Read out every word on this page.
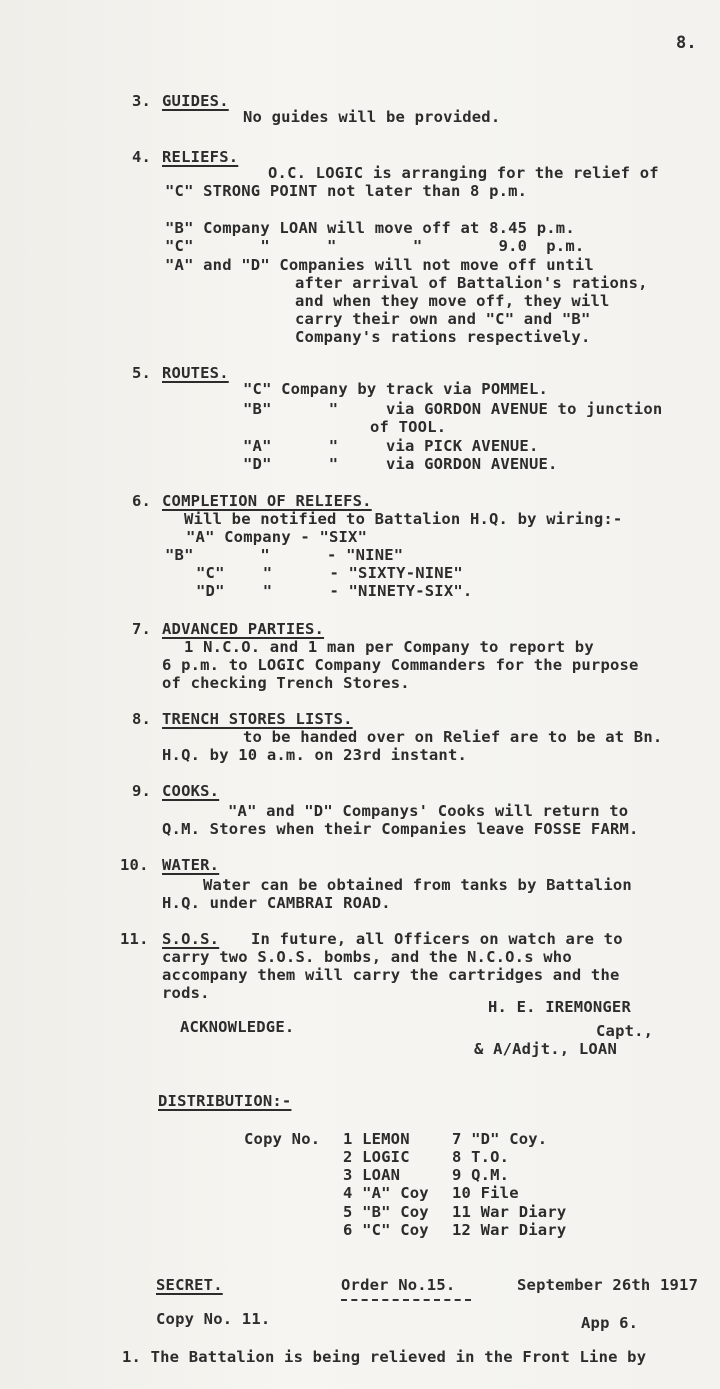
8.
3. GUIDES.
No guides will be provided.
4. RELIEFS.
O.C. LOGIC is arranging for the relief of
"C" STRONG POINT not later than 8 p.m.
"B" Company LOAN will move off at 8.45 p.m.
"C"       "      "        "        9.0  p.m.
"A" and "D" Companies will not move off until
after arrival of Battalion's rations,
and when they move off, they will
carry their own and "C" and "B"
Company's rations respectively.
5. ROUTES.
"C" Company by track via POMMEL.
"B"      "     via GORDON AVENUE to junction
of TOOL.
"A"      "     via PICK AVENUE.
"D"      "     via GORDON AVENUE.
6. COMPLETION OF RELIEFS.
Will be notified to Battalion H.Q. by wiring:-
"A" Company - "SIX"
"B"       "      - "NINE"
"C"    "      - "SIXTY-NINE"
"D"    "      - "NINETY-SIX".
7. ADVANCED PARTIES.
1 N.C.O. and 1 man per Company to report by
6 p.m. to LOGIC Company Commanders for the purpose
of checking Trench Stores.
8. TRENCH STORES LISTS.
to be handed over on Relief are to be at Bn.
H.Q. by 10 a.m. on 23rd instant.
9. COOKS.
"A" and "D" Companys' Cooks will return to
Q.M. Stores when their Companies leave FOSSE FARM.
10. WATER.
Water can be obtained from tanks by Battalion
H.Q. under CAMBRAI ROAD.
11. S.O.S. In future, all Officers on watch are to
carry two S.O.S. bombs, and the N.C.O.s who
accompany them will carry the cartridges and the
rods.
H. E. IREMONGER
ACKNOWLEDGE.	Capt.,
& A/Adjt., LOAN
DISTRIBUTION:-
Copy No. 1 LEMON
2 LOGIC
3 LOAN
4 "A" Coy
5 "B" Coy
6 "C" Coy
7 "D" Coy.
8 T.O.
9 Q.M.
10 File
11 War Diary
12 War Diary
SECRET.	Order No.15.	September 26th 1917
Copy No. 11.	App 6.
1. The Battalion is being relieved in the Front Line by
